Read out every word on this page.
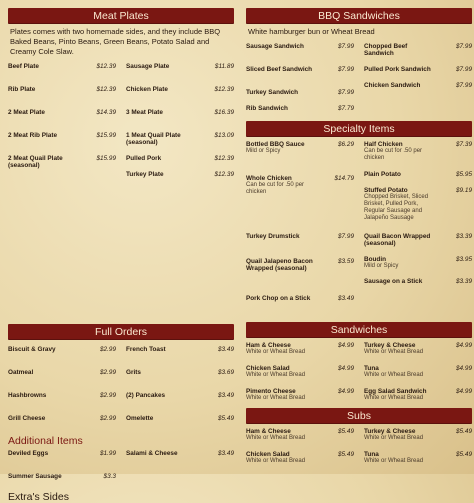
Meat Plates
Plates comes with two homemade sides, and they include BBQ Baked Beans, Pinto Beans, Green Beans, Potato Salad and Creamy Cole Slaw.
Beef Plate	$12.39
Rib Plate	$12.39
2 Meat Plate	$14.39
2 Meat Rib Plate	$15.99
2 Meat Quail Plate (seasonal)
$15.99
Sausage Plate	$11.89
Chicken Plate	$12.39
3 Meat Plate	$16.39
1 Meat Quail Plate (seasonal)
$13.09
Pulled Pork	$12.39
Turkey Plate	$12.39
Full Orders
Biscuit & Gravy	$2.99
Oatmeal	$2.99
Hashbrowns	$2.99
Grill Cheese	$2.99
French Toast	$3.49
Grits	$3.69
(2) Pancakes	$3.49
Omelette	$5.49
Additional Items
Deviled Eggs	$1.99
Summer Sausage	$3.3
Salami & Cheese	$3.49
Extra's Sides
BBQ Sandwiches
White hamburger bun or Wheat Bread
Sausage Sandwich	$7.99
Sliced Beef Sandwich	$7.99
Turkey Sandwich	$7.99
Rib Sandwich	$7.79
Chopped Beef Sandwich
$7.99
Pulled Pork Sandwich	$7.99
Chicken Sandwich	$7.99
Specialty Items
Bottled BBQ Sauce	$6.29
Mild or Spicy
Whole Chicken	$14.79
Can be cut for .50 per chicken
Turkey Drumstick	$7.99
Quail Jalapeno Bacon Wrapped (seasonal)
$3.59
Pork Chop on a Stick	$3.49
Half Chicken	$7.39
Can be cut for .50 per chicken
Plain Potato	$5.95
Stuffed Potato	$9.19
Chopped Brisket, Sliced Brisket, Pulled Pork, Regular Sausage and Jalapeño Sausage
Quail Bacon Wrapped (seasonal)
$3.39
Boudin	$3.95
Mild or Spicy
Sausage on a Stick	$3.39
Sandwiches
Ham & Cheese	$4.99
White or Wheat Bread
Chicken Salad	$4.99
White or Wheat Bread
Pimento Cheese	$4.99
White or Wheat Bread
Turkey & Cheese	$4.99
White or Wheat Bread
Tuna	$4.99
White or Wheat Bread
Egg Salad Sandwich	$4.99
White or Wheat Bread
Subs
Ham & Cheese	$5.49
White or Wheat Bread
Chicken Salad	$5.49
White or Wheat Bread
Turkey & Cheese	$5.49
White or Wheat Bread
Tuna	$5.49
White or Wheat Bread
